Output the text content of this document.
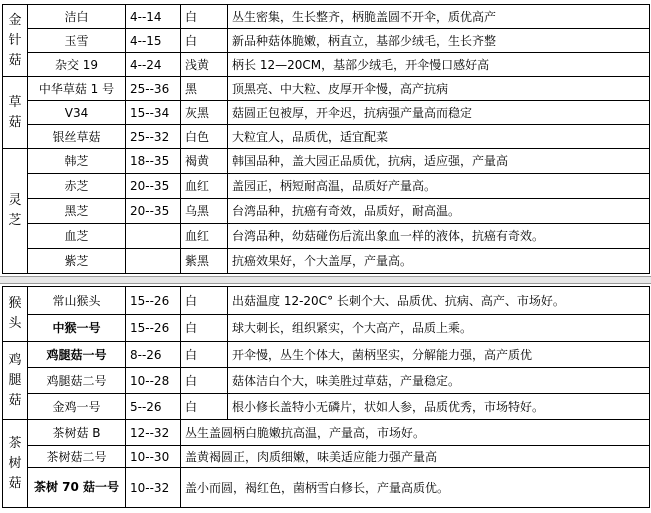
金针菇	洁白	4--14	白	丛生密集，生长整齐，柄脆盖圆不开伞，质优高产
	玉雪	4--15	白	新品种菇体脆嫩，柄直立，基部少绒毛，生长齐整
	杂交 19	4--24	浅黄	柄长 12—20CM，基部少绒毛，开伞慢口感好高
草菇	中华草菇 1 号	25--36	黑	顶黑亮、中大粒、皮厚开伞慢，高产抗病
	V34	15--34	灰黑	菇圆正包被厚，开伞迟，抗病强产量高而稳定
	银丝草菇	25--32	白色	大粒宜人，品质优，适宜配菜
灵芝	韩芝	18--35	褐黄	韩国品种，盖大园正品质优，抗病，适应强，产量高
	赤芝	20--35	血红	盖园正，柄短耐高温，品质好产量高。
	黑芝	20--35	乌黑	台湾品种，抗癌有奇效，品质好，耐高温。
	血芝		血红	台湾品种，幼菇碰伤后流出象血一样的液体，抗癌有奇效。
	紫芝		紫黑	抗癌效果好，个大盖厚，产量高。
猴头	常山猴头	15--26	白	出菇温度 12-20C° 长刺个大、品质优、抗病、高产、市场好。
	中猴一号	15--26	白	球大刺长，组织紧实，个大高产，品质上乘。
鸡腿菇	鸡腿菇一号	8--26	白	开伞慢，丛生个体大，菌柄坚实，分解能力强，高产质优
	鸡腿菇二号	10--28	白	菇体洁白个大，味美胜过草菇，产量稳定。
	金鸡一号	5--26	白	根小修长盖特小无磷片，状如人参，品质优秀，市场特好。
茶树菇	茶树菇 B	12--32	丛生盖圆柄白脆嫩抗高温，产量高，市场好。	
	茶树菇二号	10--30	盖黄褐圆正，肉质细嫩，味美适应能力强产量高	
	茶树 70 菇一号	10--32	盖小而圆，褐红色，菌柄雪白修长，产量高质优。	
